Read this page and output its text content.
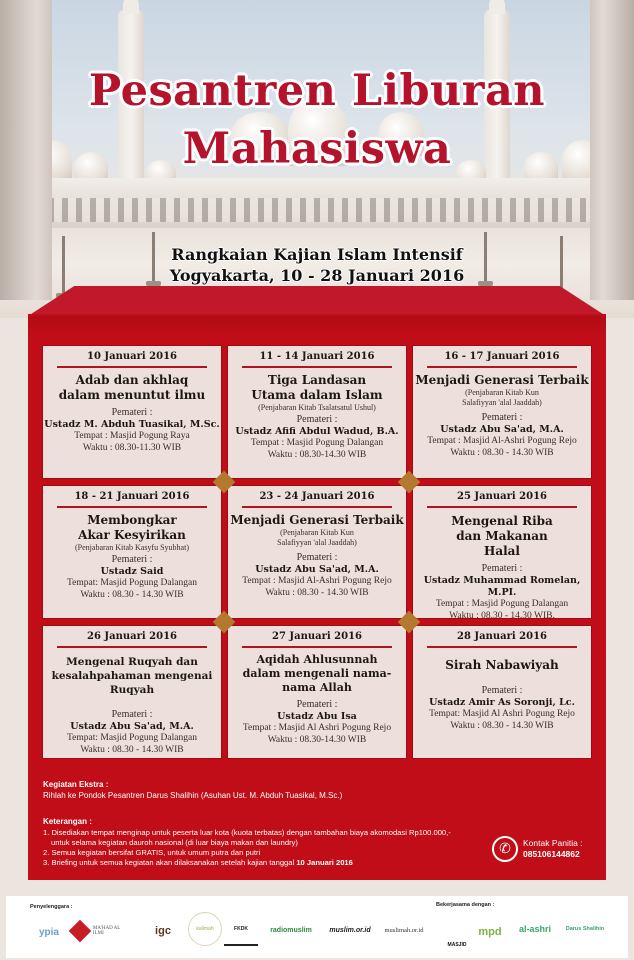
Pesantren Liburan
Mahasiswa
Rangkaian Kajian Islam Intensif
Yogyakarta, 10 - 28 Januari 2016
10 Januari 2016
Adab dan akhlaq dalam menuntut ilmu
Pemateri :
Ustadz M. Abduh Tuasikal, M.Sc.
Tempat : Masjid Pogung Raya
Waktu : 08.30-11.30 WIB
11 - 14 Januari 2016
Tiga Landasan Utama dalam Islam
(Penjabaran Kitab Tsalatsatul Ushul)
Pemateri :
Ustadz Afifi Abdul Wadud, B.A.
Tempat : Masjid Pogung Dalangan
Waktu : 08.30-14.30 WIB
16 - 17 Januari 2016
Menjadi Generasi Terbaik
(Penjabaran Kitab Kun Salafiyyan 'alal Jaaddah)
Pemateri :
Ustadz Abu Sa'ad, M.A.
Tempat : Masjid Al-Ashri Pogung Rejo
Waktu : 08.30 - 14.30 WIB
18 - 21 Januari 2016
Membongkar Akar Kesyirikan
(Penjabaran Kitab Kasyfu Syubhat)
Pemateri :
Ustadz Said
Tempat: Masjid Pogung Dalangan
Waktu : 08.30 - 14.30 WIB
23 - 24 Januari 2016
Menjadi Generasi Terbaik
(Penjabaran Kitab Kun Salafiyyan 'alal Jaaddah)
Pemateri :
Ustadz Abu Sa'ad, M.A.
Tempat : Masjid Al-Ashri Pogung Rejo
Waktu : 08.30 - 14.30 WIB
25 Januari 2016
Mengenal Riba dan Makanan Halal
Pemateri :
Ustadz Muhammad Romelan, M.PI.
Tempat : Masjid Pogung Dalangan
Waktu : 08.30 - 14.30 WIB.
26 Januari 2016
Mengenal Ruqyah dan kesalahpahaman mengenai Ruqyah
Pemateri :
Ustadz Abu Sa'ad, M.A.
Tempat: Masjid Pogung Dalangan
Waktu : 08.30 - 14.30 WIB
27 Januari 2016
Aqidah Ahlusunnah dalam mengenali nama-nama Allah
Pemateri :
Ustadz Abu Isa
Tempat : Masjid Al Ashri Pogung Rejo
Waktu : 08.30-14.30 WIB
28 Januari 2016
Sirah Nabawiyah
Pemateri :
Ustadz Amir As Soronji, Lc.
Tempat: Masjid Al Ashri Pogung Rejo
Waktu : 08.30 - 14.30 WIB
Kegiatan Ekstra :
Rihlah ke Pondok Pesantren Darus Shalihin (Asuhan Ust. M. Abduh Tuasikal, M.Sc.)
Keterangan :
1. Disediakan tempat menginap untuk peserta luar kota (kuota terbatas) dengan tambahan biaya akomodasi Rp100.000,- untuk selama kegiatan dauroh nasional (di luar biaya makan dan laundry)
2. Semua kegiatan bersifat GRATIS, untuk umum putra dan putri
3. Briefing untuk semua kegiatan akan dilaksanakan setelah kajian tanggal 10 Januari 2016
✆	Kontak Panitia :
085106144862
Penyelenggara :	Bekerjasama dengan :
ypia	MA'HAD AL ILMI	igc	kalimah	FKDK	radiomuslim	muslim.or.id	muslimah.or.id
MASJID
mpd	al-ashri	Darus Shalihin
